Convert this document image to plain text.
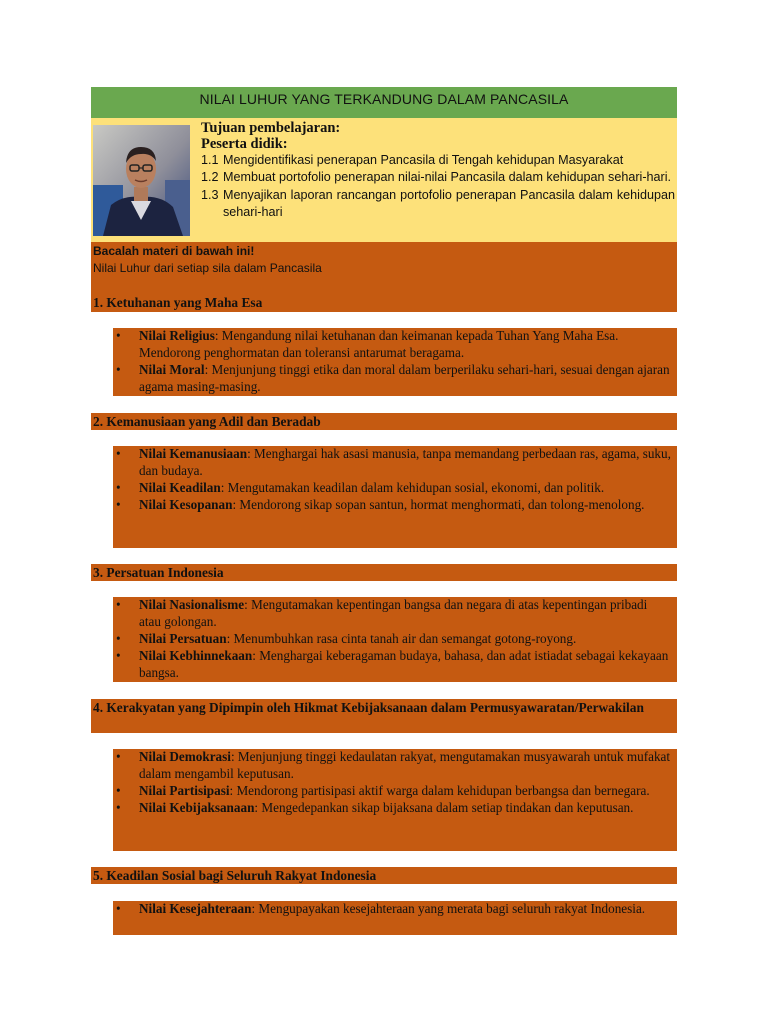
NILAI LUHUR YANG TERKANDUNG DALAM PANCASILA
Tujuan pembelajaran:
Peserta didik:
1.1 Mengidentifikasi penerapan Pancasila di Tengah kehidupan Masyarakat
1.2 Membuat portofolio penerapan nilai-nilai Pancasila dalam kehidupan sehari-hari.
1.3 Menyajikan laporan rancangan portofolio penerapan Pancasila dalam kehidupan sehari-hari
Bacalah materi di bawah ini!
Nilai Luhur dari setiap sila dalam Pancasila
1. Ketuhanan yang Maha Esa
• Nilai Religius: Mengandung nilai ketuhanan dan keimanan kepada Tuhan Yang Maha Esa. Mendorong penghormatan dan toleransi antarumat beragama.
• Nilai Moral: Menjunjung tinggi etika dan moral dalam berperilaku sehari-hari, sesuai dengan ajaran agama masing-masing.
2. Kemanusiaan yang Adil dan Beradab
• Nilai Kemanusiaan: Menghargai hak asasi manusia, tanpa memandang perbedaan ras, agama, suku, dan budaya.
• Nilai Keadilan: Mengutamakan keadilan dalam kehidupan sosial, ekonomi, dan politik.
• Nilai Kesopanan: Mendorong sikap sopan santun, hormat menghormati, dan tolong-menolong.
3. Persatuan Indonesia
• Nilai Nasionalisme: Mengutamakan kepentingan bangsa dan negara di atas kepentingan pribadi atau golongan.
• Nilai Persatuan: Menumbuhkan rasa cinta tanah air dan semangat gotong-royong.
• Nilai Kebhinnekaan: Menghargai keberagaman budaya, bahasa, dan adat istiadat sebagai kekayaan bangsa.
4. Kerakyatan yang Dipimpin oleh Hikmat Kebijaksanaan dalam Permusyawaratan/Perwakilan
• Nilai Demokrasi: Menjunjung tinggi kedaulatan rakyat, mengutamakan musyawarah untuk mufakat dalam mengambil keputusan.
• Nilai Partisipasi: Mendorong partisipasi aktif warga dalam kehidupan berbangsa dan bernegara.
• Nilai Kebijaksanaan: Mengedepankan sikap bijaksana dalam setiap tindakan dan keputusan.
5. Keadilan Sosial bagi Seluruh Rakyat Indonesia
• Nilai Kesejahteraan: Mengupayakan kesejahteraan yang merata bagi seluruh rakyat Indonesia.
